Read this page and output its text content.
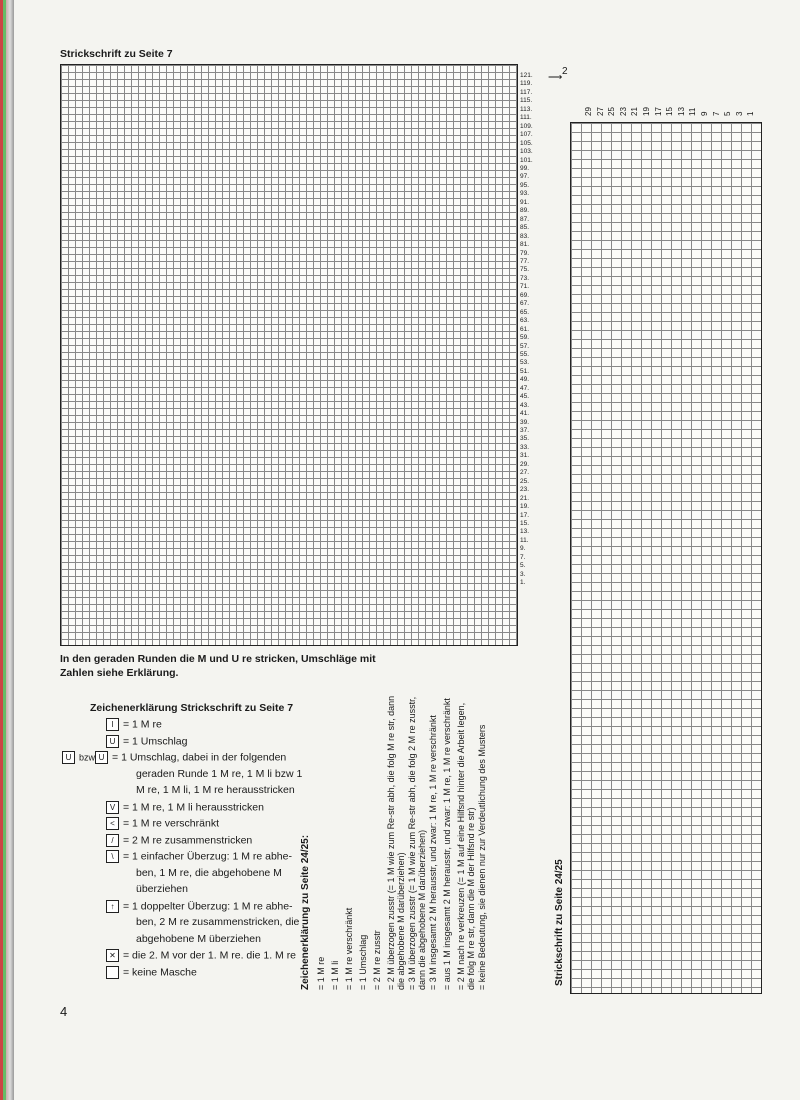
Strickschrift zu Seite 7
121.
119.
117.
115.
113.
111.
109.
107.
105.
103.
101.
99.
97.
95.
93.
91.
89.
87.
85.
83.
81.
79.
77.
75.
73.
71.
69.
67.
65.
63.
61.
59.
57.
55.
53.
51.
49.
47.
45.
43.
41.
39.
37.
35.
33.
31.
29.
27.
25.
23.
21.
19.
17.
15.
13.
11.
9.
7.
5.
3.
1.
In den geraden Runden die M und U re stricken, Umschläge mit Zahlen siehe Erklärung.
Zeichenerklärung Strickschrift zu Seite 7
I = 1 M re
U = 1 Umschlag
U bzw U = 1 Umschlag, dabei in der folgenden
geraden Runde 1 M re, 1 M li bzw 1
M re, 1 M li, 1 M re herausstricken
V = 1 M re, 1 M li herausstricken
< = 1 M re verschränkt
/ = 2 M re zusammenstricken
\ = 1 einfacher Überzug: 1 M re abhe-
ben, 1 M re, die abgehobene M
überziehen
↑ = 1 doppelter Überzug: 1 M re abhe-
ben, 2 M re zusammenstricken, die
abgehobene M überziehen
✕ = die 2. M vor der 1. M re. die 1. M re
= keine Masche	Zeichenerklärung zu Seite 24/25: = 1 M re = 1 M li = 1 M re verschränkt = 1 Umschlag = 2 M re zusstr = 2 M überzogen zusstr (= 1 M wie zum Re-str abh, die folg M re str, dann die abgehobene M darüberziehen) = 3 M überzogen zusstr (= 1 M wie zum Re-str abh, die folg 2 M re zusstr, dann die abgehobene M darüberziehen) = 3 M insgesamt 2 M herausstr, und zwar: 1 M re, 1 M re verschränkt = aus 1 M insgesamt 2 M herausstr, und zwar: 1 M re, 1 M re verschränkt = 2 M nach re verkreuzen (= 1 M auf eine Hilfsnd hinter die Arbeit legen, die folg M re str, dann die M der Hilfsnd re str) = keine Bedeutung, sie dienen nur zur Verdeutlichung des Musters
⟶
2
29 27 25 23 21 19 17 15 13 11 9 7 5 3 1
Strickschrift zu Seite 24/25
4
